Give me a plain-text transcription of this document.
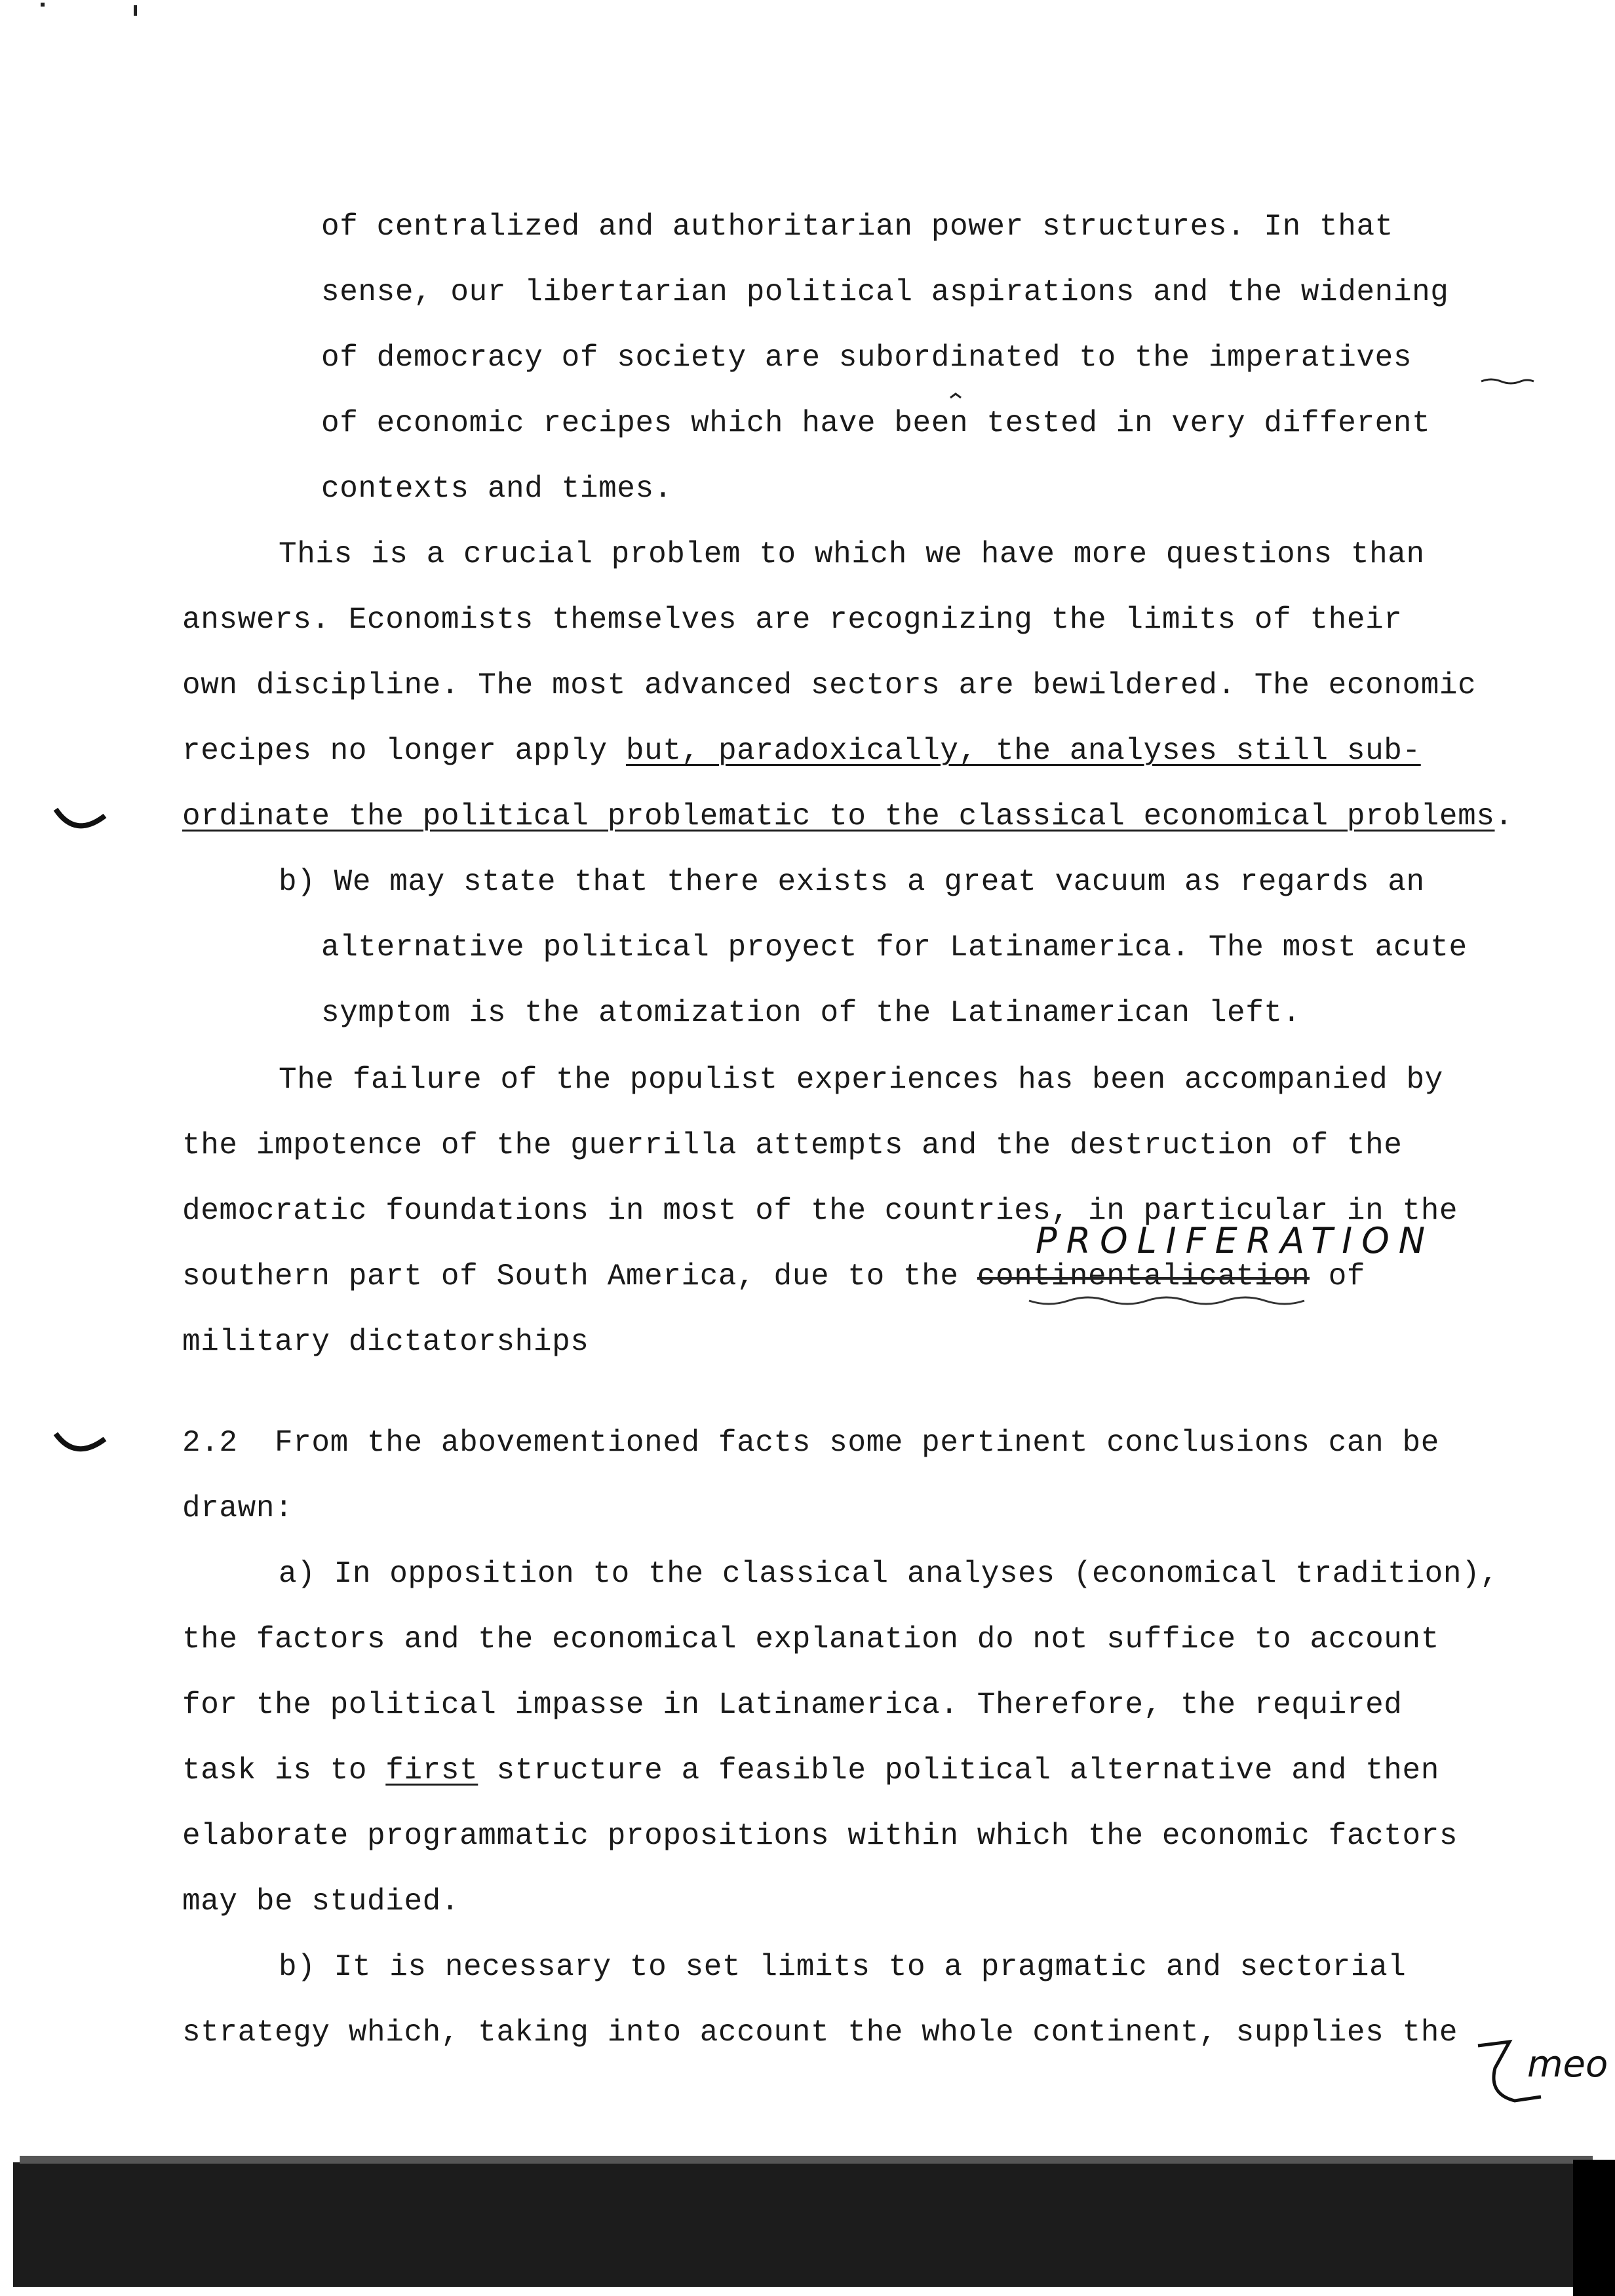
of centralized and authoritarian power structures. In that

sense, our libertarian political aspirations and the widening

of democracy of society are subordinated to the imperatives

of economic recipes which have been tested in very different

contexts and times.

This is a crucial problem to which we have more questions than

answers. Economists themselves are recognizing the limits of their

own discipline. The most advanced sectors are bewildered. The economic

recipes no longer apply but, paradoxically, the analyses still sub-

ordinate the political problematic to the classical economical problems.

b) We may state that there exists a great vacuum as regards an

alternative political proyect for Latinamerica. The most acute

symptom is the atomization of the Latinamerican left.

The failure of the populist experiences has been accompanied by

the impotence of the guerrilla attempts and the destruction of the

democratic foundations in most of the countries, in particular in the

southern part of South America, due to the continentalication of

military dictatorships

2.2  From the abovementioned facts some pertinent conclusions can be

drawn:

a) In opposition to the classical analyses (economical tradition),

the factors and the economical explanation do not suffice to account

for the political impasse in Latinamerica. Therefore, the required

task is to first structure a feasible political alternative and then

elaborate programmatic propositions within which the economic factors

may be studied.

b) It is necessary to set limits to a pragmatic and sectorial

strategy which, taking into account the whole continent, supplies the

PROLIFERATION
meo
